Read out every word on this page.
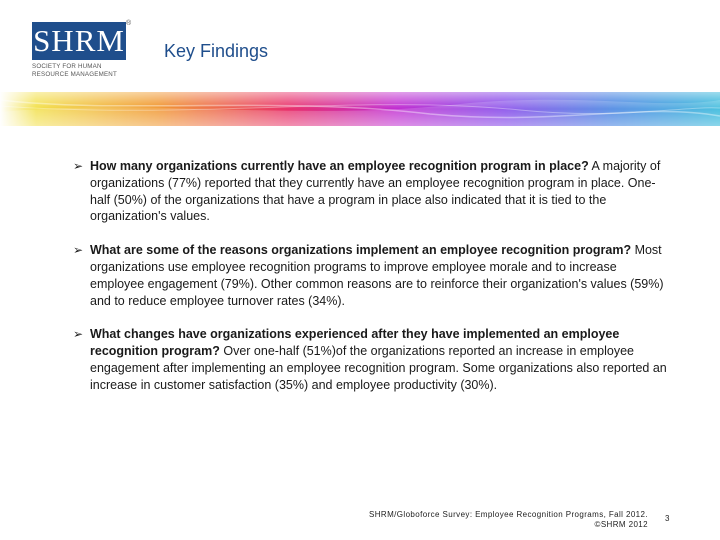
SHRM ®
SOCIETY FOR HUMAN RESOURCE MANAGEMENT
Key Findings

➢ How many organizations currently have an employee recognition program in place? A majority of organizations (77%) reported that they currently have an employee recognition program in place. One-half (50%) of the organizations that have a program in place also indicated that it is tied to the organization's values.

➢ What are some of the reasons organizations implement an employee recognition program? Most organizations use employee recognition programs to improve employee morale and to increase employee engagement (79%). Other common reasons are to reinforce their organization's values (59%) and to reduce employee turnover rates (34%).

➢ What changes have organizations experienced after they have implemented an employee recognition program? Over one-half (51%)of the organizations reported an increase in employee engagement after implementing an employee recognition program. Some organizations also reported an increase in customer satisfaction (35%) and employee productivity (30%).

SHRM/Globoforce Survey: Employee Recognition Programs, Fall 2012.
©SHRM 2012
3
